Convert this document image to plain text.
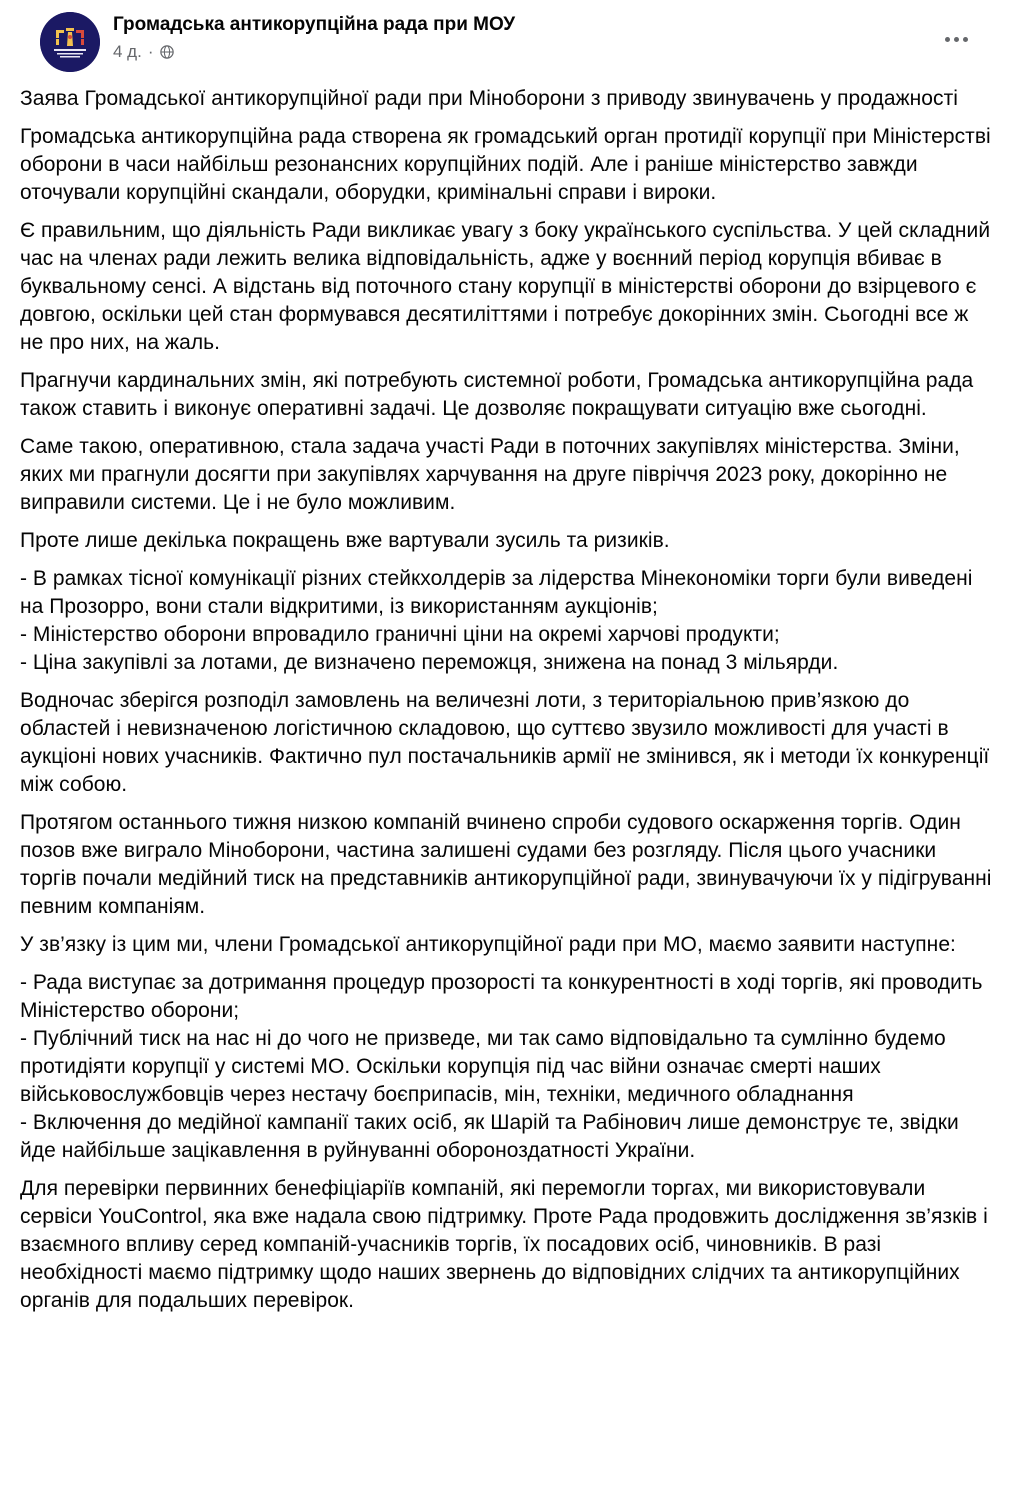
Громадська антикорупційна рада при МОУ
4 д. ·

Заява Громадської антикорупційної ради при Міноборони з приводу звинувачень у продажності

Громадська антикорупційна рада створена як громадський орган протидії корупції при Міністерстві оборони в часи найбільш резонансних корупційних подій. Але і раніше міністерство завжди оточували корупційні скандали, оборудки, кримінальні справи і вироки.

Є правильним, що діяльність Ради викликає увагу з боку українського суспільства. У цей складний час на членах ради лежить велика відповідальність, адже у воєнний період корупція вбиває в буквальному сенсі. А відстань від поточного стану корупції в міністерстві оборони до взірцевого є довгою, оскільки цей стан формувався десятиліттями і потребує докорінних змін. Сьогодні все ж не про них, на жаль.

Прагнучи кардинальних змін, які потребують системної роботи, Громадська антикорупційна рада також ставить і виконує оперативні задачі. Це дозволяє покращувати ситуацію вже сьогодні.

Саме такою, оперативною, стала задача участі Ради в поточних закупівлях міністерства. Зміни, яких ми прагнули досягти при закупівлях харчування на друге півріччя 2023 року, докорінно не виправили системи. Це і не було можливим.

Проте лише декілька покращень вже вартували зусиль та ризиків.

- В рамках тісної комунікації різних стейкхолдерів за лідерства Мінекономіки торги були виведені на Прозорро, вони стали відкритими, із використанням аукціонів;
- Міністерство оборони впровадило граничні ціни на окремі харчові продукти;
- Ціна закупівлі за лотами, де визначено переможця, знижена на понад 3 мільярди.

Водночас зберігся розподіл замовлень на величезні лоти, з територіальною прив’язкою до областей і невизначеною логістичною складовою, що суттєво звузило можливості для участі в аукціоні нових учасників. Фактично пул постачальників армії не змінився, як і методи їх конкуренції між собою.

Протягом останнього тижня низкою компаній вчинено спроби судового оскарження торгів. Один позов вже виграло Міноборони, частина залишені судами без розгляду. Після цього учасники торгів почали медійний тиск на представників антикорупційної ради, звинувачуючи їх у підігруванні певним компаніям.

У зв’язку із цим ми, члени Громадської антикорупційної ради при МО, маємо заявити наступне:

- Рада виступає за дотримання процедур прозорості та конкурентності в ході торгів, які проводить Міністерство оборони;
- Публічний тиск на нас ні до чого не призведе, ми так само відповідально та сумлінно будемо протидіяти корупції у системі МО. Оскільки корупція під час війни означає смерті наших військовослужбовців через нестачу боєприпасів, мін, техніки, медичного обладнання
- Включення до медійної кампанії таких осіб, як Шарій та Рабінович лише демонструє те, звідки йде найбільше зацікавлення в руйнуванні обороноздатності України.

Для перевірки первинних бенефіціаріїв компаній, які перемогли торгах, ми використовували сервіси YouControl, яка вже надала свою підтримку. Проте Рада продовжить дослідження зв’язків і взаємного впливу серед компаній-учасників торгів, їх посадових осіб, чиновників. В разі необхідності маємо підтримку щодо наших звернень до відповідних слідчих та антикорупційних органів для подальших перевірок.
